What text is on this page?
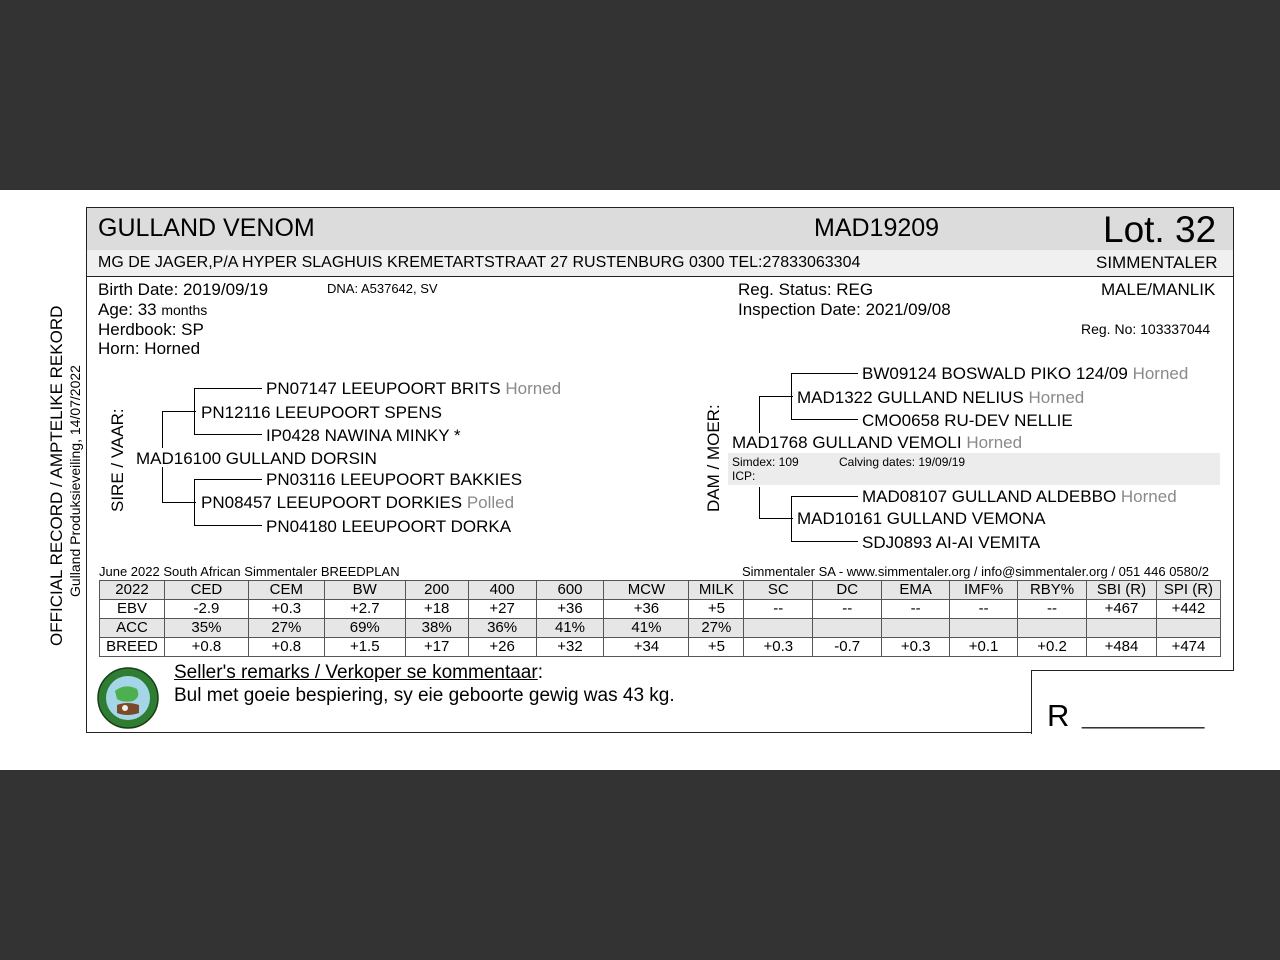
OFFICIAL RECORD / AMPTELIKE REKORD Gulland Produksieveiling, 14/07/2022
GULLAND VENOM	MAD19209	Lot. 32
MG DE JAGER,P/A HYPER SLAGHUIS KREMETARTSTRAAT 27 RUSTENBURG 0300 TEL:27833063304	SIMMENTALER
Birth Date: 2019/09/19	DNA: A537642, SV
Age: 33 months
Herdbook: SP
Horn: Horned
Reg. Status: REG
Inspection Date: 2021/09/08
MALE/MANLIK
Reg. No: 103337044
SIRE / VAAR:
PN07147 LEEUPOORT BRITS Horned
PN12116 LEEUPOORT SPENS
IP0428 NAWINA MINKY *
MAD16100 GULLAND DORSIN
PN03116 LEEUPOORT BAKKIES
PN08457 LEEUPOORT DORKIES Polled
PN04180 LEEUPOORT DORKA
DAM / MOER:
BW09124 BOSWALD PIKO 124/09 Horned
MAD1322 GULLAND NELIUS Horned
CMO0658 RU-DEV NELLIE
MAD1768 GULLAND VEMOLI Horned
Simdex: 109	Calving dates: 19/09/19
ICP:
MAD08107 GULLAND ALDEBBO Horned
MAD10161 GULLAND VEMONA
SDJ0893 AI-AI VEMITA
June 2022 South African Simmentaler BREEDPLAN	Simmentaler SA - www.simmentaler.org / info@simmentaler.org / 051 446 0580/2
2022	CED	CEM	BW	200	400	600	MCW	MILK	SC	DC	EMA	IMF%	RBY%	SBI (R)	SPI (R)
EBV	-2.9	+0.3	+2.7	+18	+27	+36	+36	+5	--	--	--	--	--	+467	+442
ACC	35%	27%	69%	38%	36%	41%	41%	27%							
BREED	+0.8	+0.8	+1.5	+17	+26	+32	+34	+5	+0.3	-0.7	+0.3	+0.1	+0.2	+484	+474
Seller's remarks / Verkoper se kommentaar:
Bul met goeie bespiering, sy eie geboorte gewig was 43 kg.
R __________
